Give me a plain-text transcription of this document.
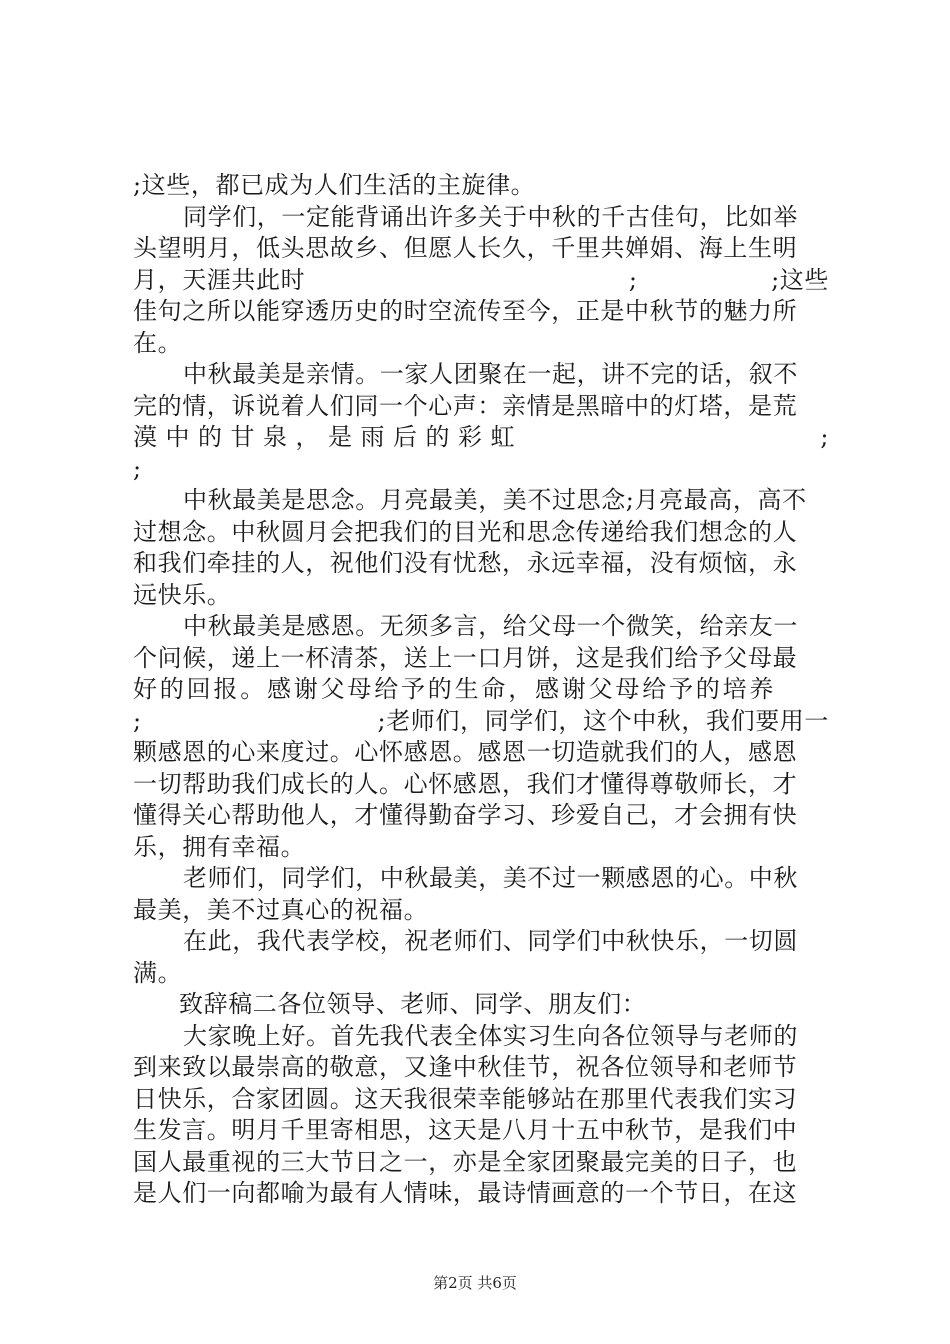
;这些，都已成为人们生活的主旋律。
同学们，一定能背诵出许多关于中秋的千古佳句，比如举
头望明月，低头思故乡、但愿人长久，千里共婵娟、海上生明
月，天涯共此时	;	;这些
佳句之所以能穿透历史的时空流传至今，正是中秋节的魅力所
在。
中秋最美是亲情。一家人团聚在一起，讲不完的话，叙不
完的情，诉说着人们同一个心声：亲情是黑暗中的灯塔，是荒
漠中的甘泉，是雨后的彩虹	;
;
中秋最美是思念。月亮最美，美不过思念;月亮最高，高不
过想念。中秋圆月会把我们的目光和思念传递给我们想念的人
和我们牵挂的人，祝他们没有忧愁，永远幸福，没有烦恼，永
远快乐。
中秋最美是感恩。无须多言，给父母一个微笑，给亲友一
个问候，递上一杯清茶，送上一口月饼，这是我们给予父母最
好的回报。感谢父母给予的生命，感谢父母给予的培养
;	;老师们，同学们，这个中秋，我们要用一
颗感恩的心来度过。心怀感恩。感恩一切造就我们的人，感恩
一切帮助我们成长的人。心怀感恩，我们才懂得尊敬师长，才
懂得关心帮助他人，才懂得勤奋学习、珍爱自己，才会拥有快
乐，拥有幸福。
老师们，同学们，中秋最美，美不过一颗感恩的心。中秋
最美，美不过真心的祝福。
在此，我代表学校，祝老师们、同学们中秋快乐，一切圆
满。
致辞稿二各位领导、老师、同学、朋友们：
大家晚上好。首先我代表全体实习生向各位领导与老师的
到来致以最崇高的敬意，又逢中秋佳节，祝各位领导和老师节
日快乐，合家团圆。这天我很荣幸能够站在那里代表我们实习
生发言。明月千里寄相思，这天是八月十五中秋节，是我们中
国人最重视的三大节日之一，亦是全家团聚最完美的日子，也
是人们一向都喻为最有人情味，最诗情画意的一个节日，在这
第2页 共6页
